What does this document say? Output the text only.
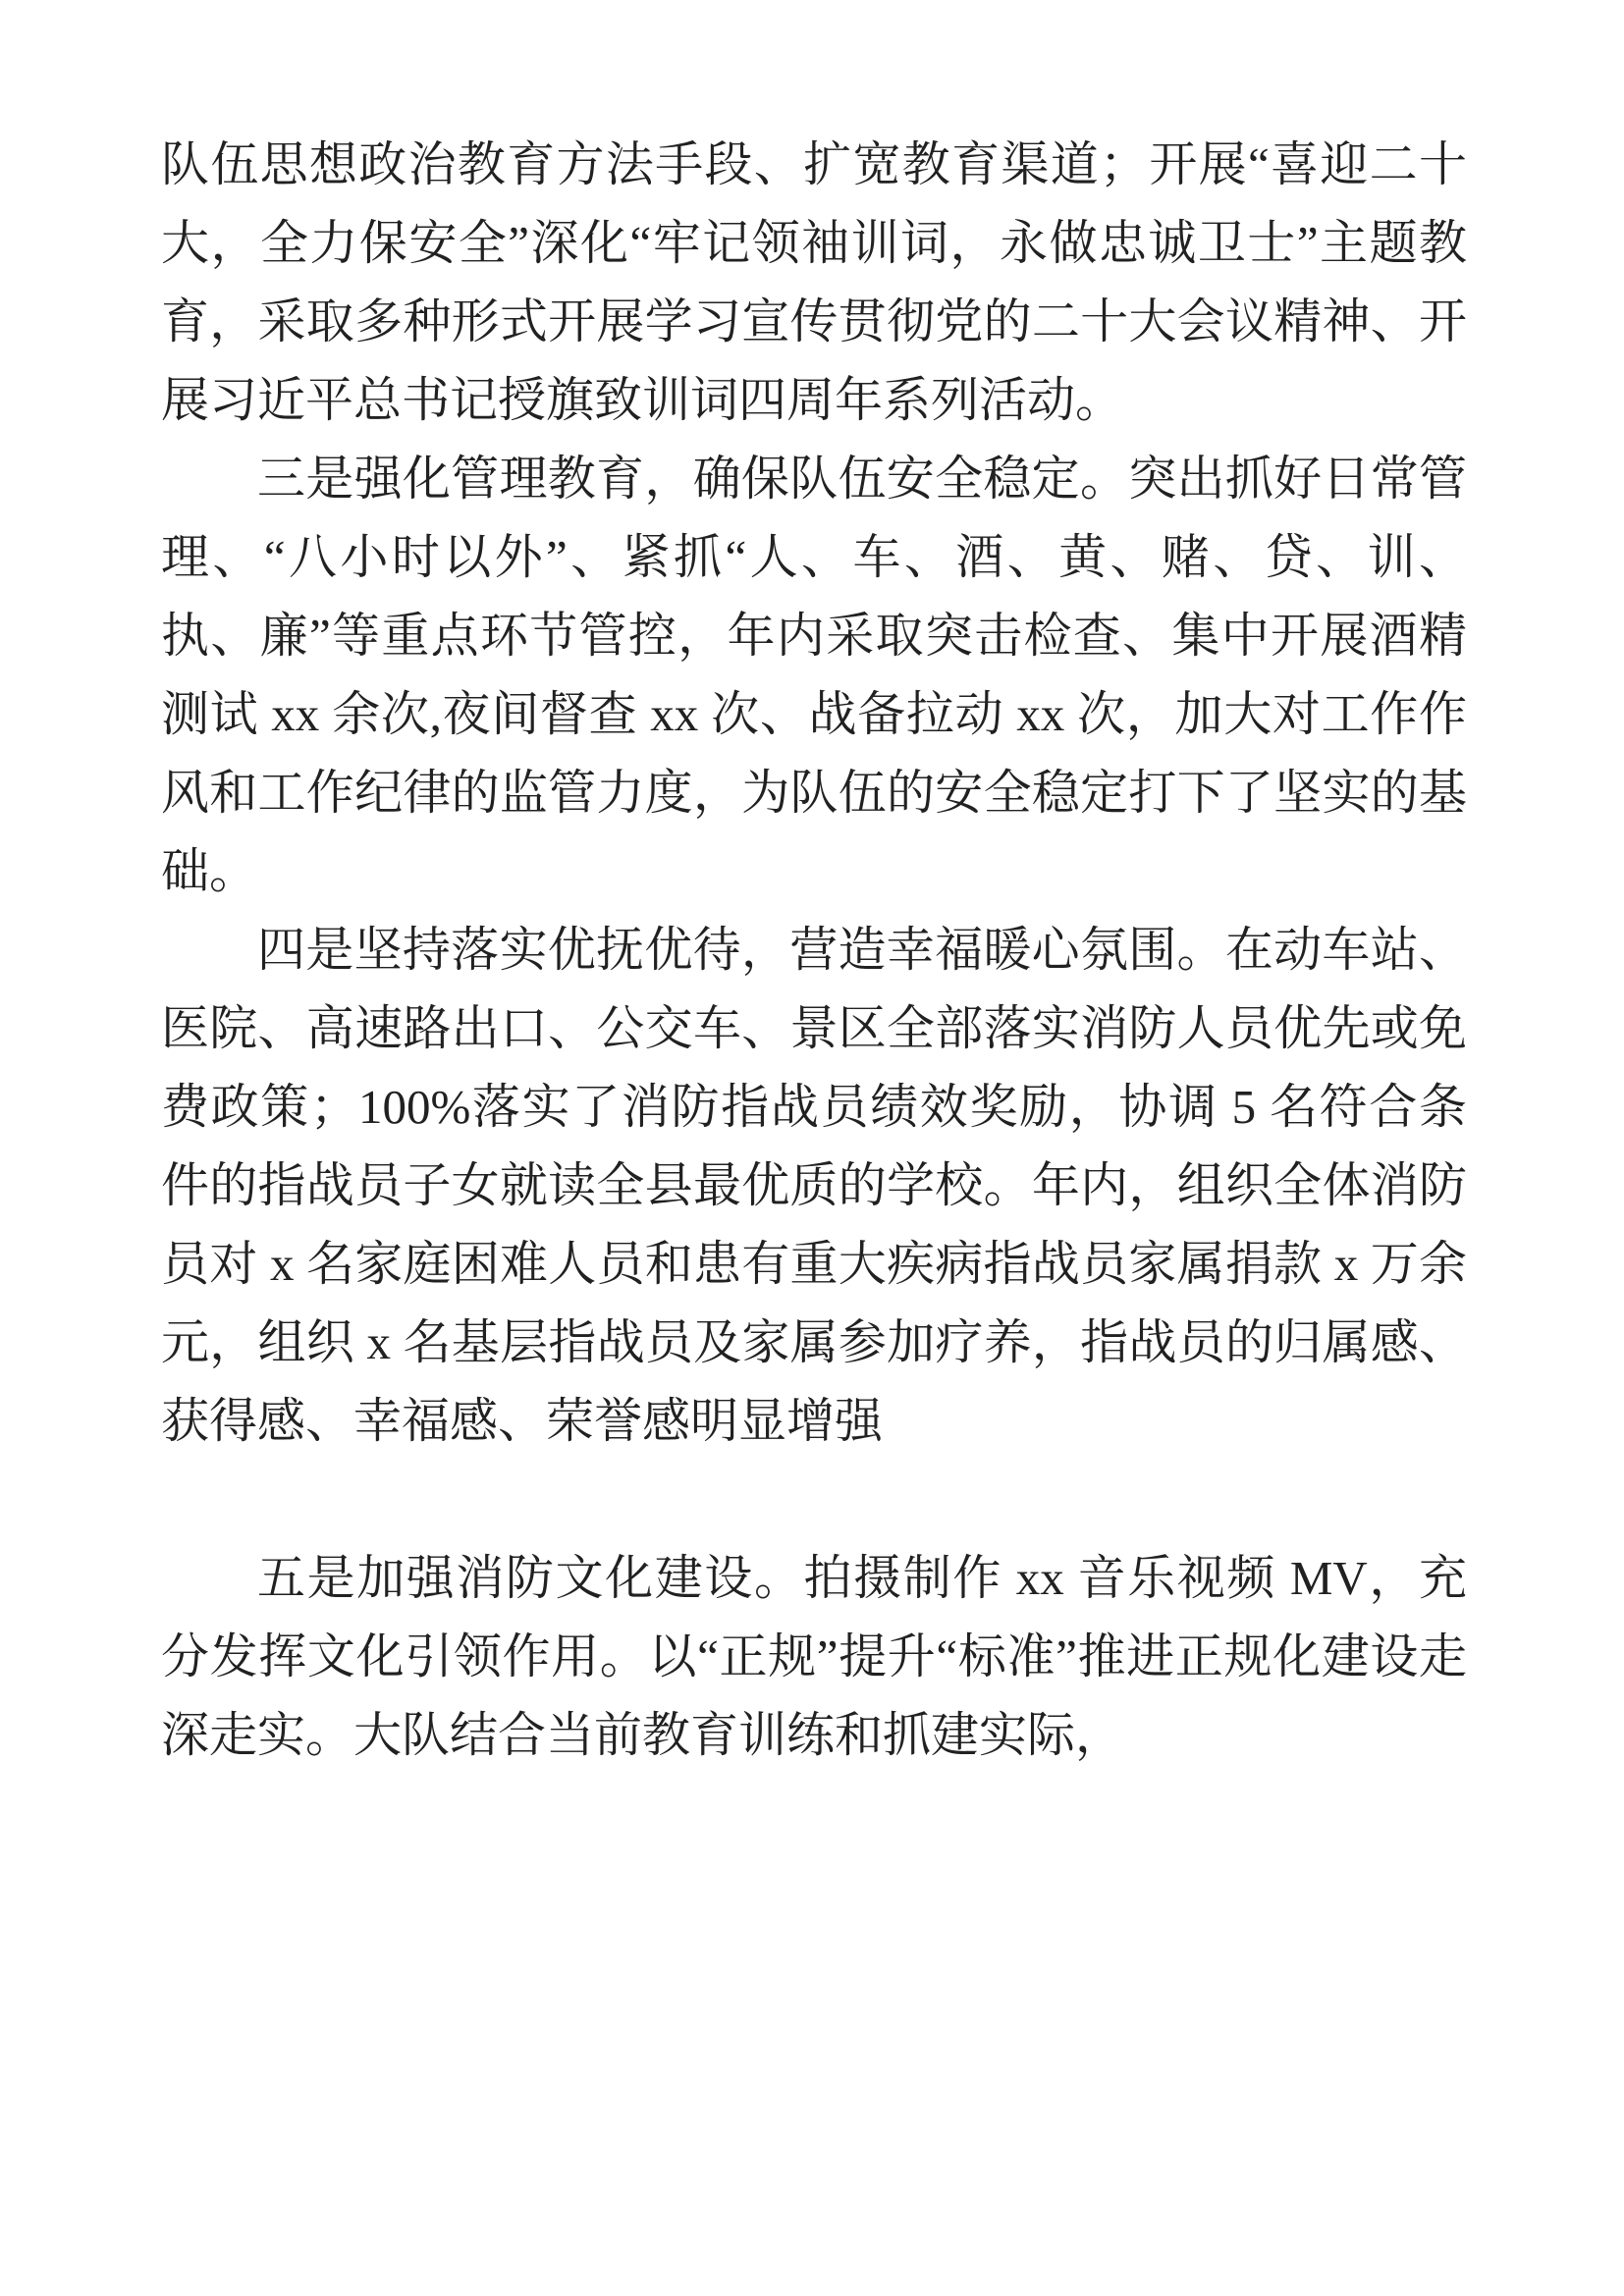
队伍思想政治教育方法手段、扩宽教育渠道；开展“喜迎二十大，全力保安全”深化“牢记领袖训词，永做忠诚卫士”主题教育，采取多种形式开展学习宣传贯彻党的二十大会议精神、开展习近平总书记授旗致训词四周年系列活动。

三是强化管理教育，确保队伍安全稳定。突出抓好日常管理、“八小时以外”、紧抓“人、车、酒、黄、赌、贷、训、执、廉”等重点环节管控，年内采取突击检查、集中开展酒精测试 xx 余次,夜间督查 xx 次、战备拉动 xx 次，加大对工作作风和工作纪律的监管力度，为队伍的安全稳定打下了坚实的基础。

四是坚持落实优抚优待，营造幸福暖心氛围。在动车站、医院、高速路出口、公交车、景区全部落实消防人员优先或免费政策；100%落实了消防指战员绩效奖励，协调 5 名符合条件的指战员子女就读全县最优质的学校。年内，组织全体消防员对 x 名家庭困难人员和患有重大疾病指战员家属捐款 x 万余元，组织 x 名基层指战员及家属参加疗养，指战员的归属感、获得感、幸福感、荣誉感明显增强

五是加强消防文化建设。拍摄制作 xx 音乐视频 MV，充分发挥文化引领作用。以“正规”提升“标准”推进正规化建设走深走实。大队结合当前教育训练和抓建实际，
